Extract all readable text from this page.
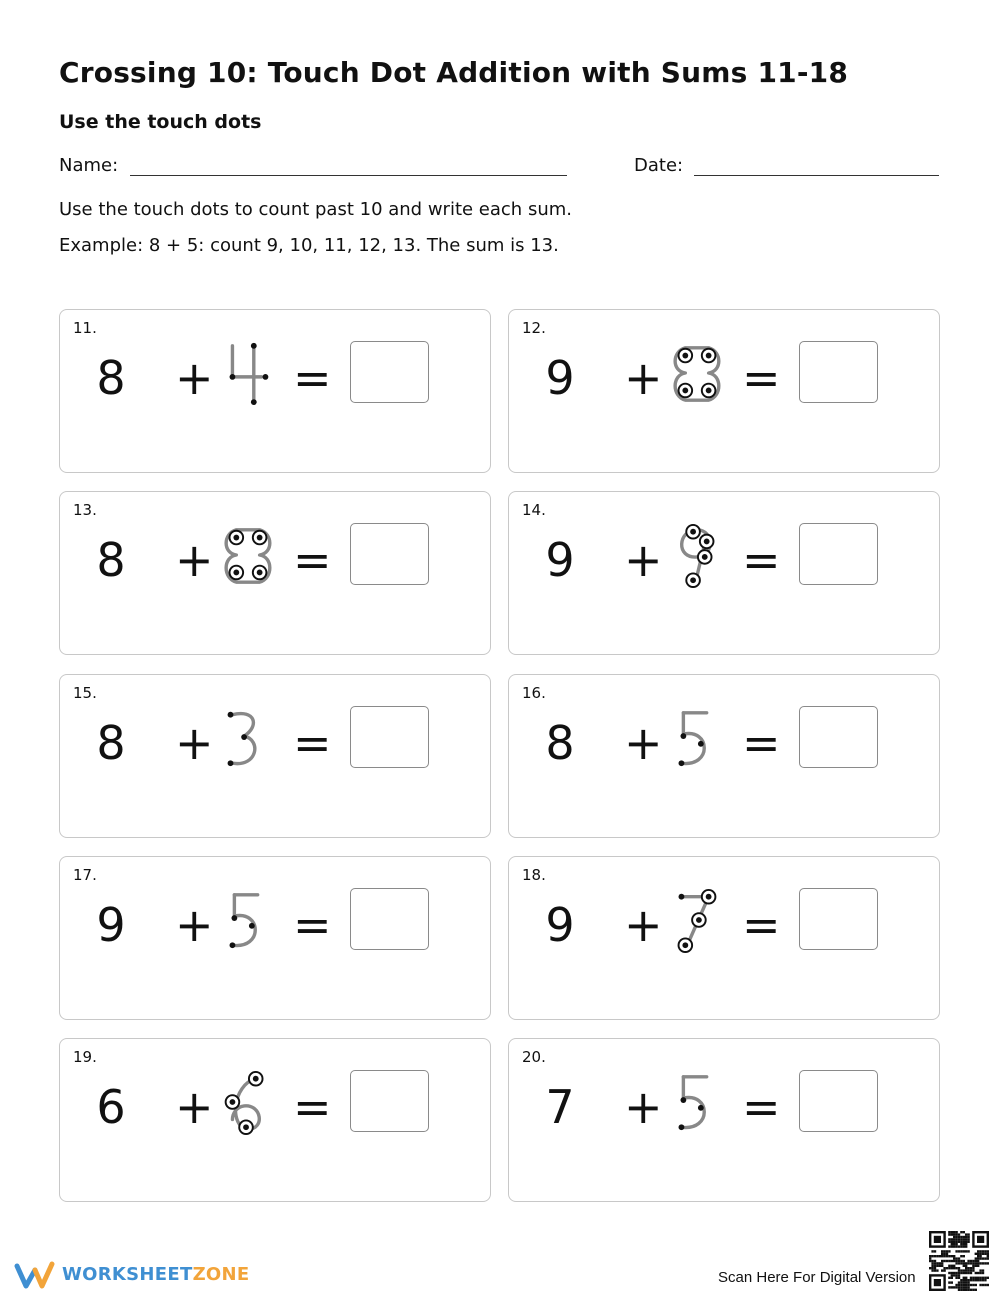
Crossing 10: Touch Dot Addition with Sums 11-18
Use the touch dots
Name:	Date:
Use the touch dots to count past 10 and write each sum.
Example: 8 + 5: count 9, 10, 11, 12, 13. The sum is 13.
11.
8 + =
12.
9 + =
13.
8 + =
14.
9 + =
15.
8 + =
16.
8 + =
17.
9 + =
18.
9 + =
19.
6 + =
20.
7 + =
WORKSHEETZONE	Scan Here For Digital Version
